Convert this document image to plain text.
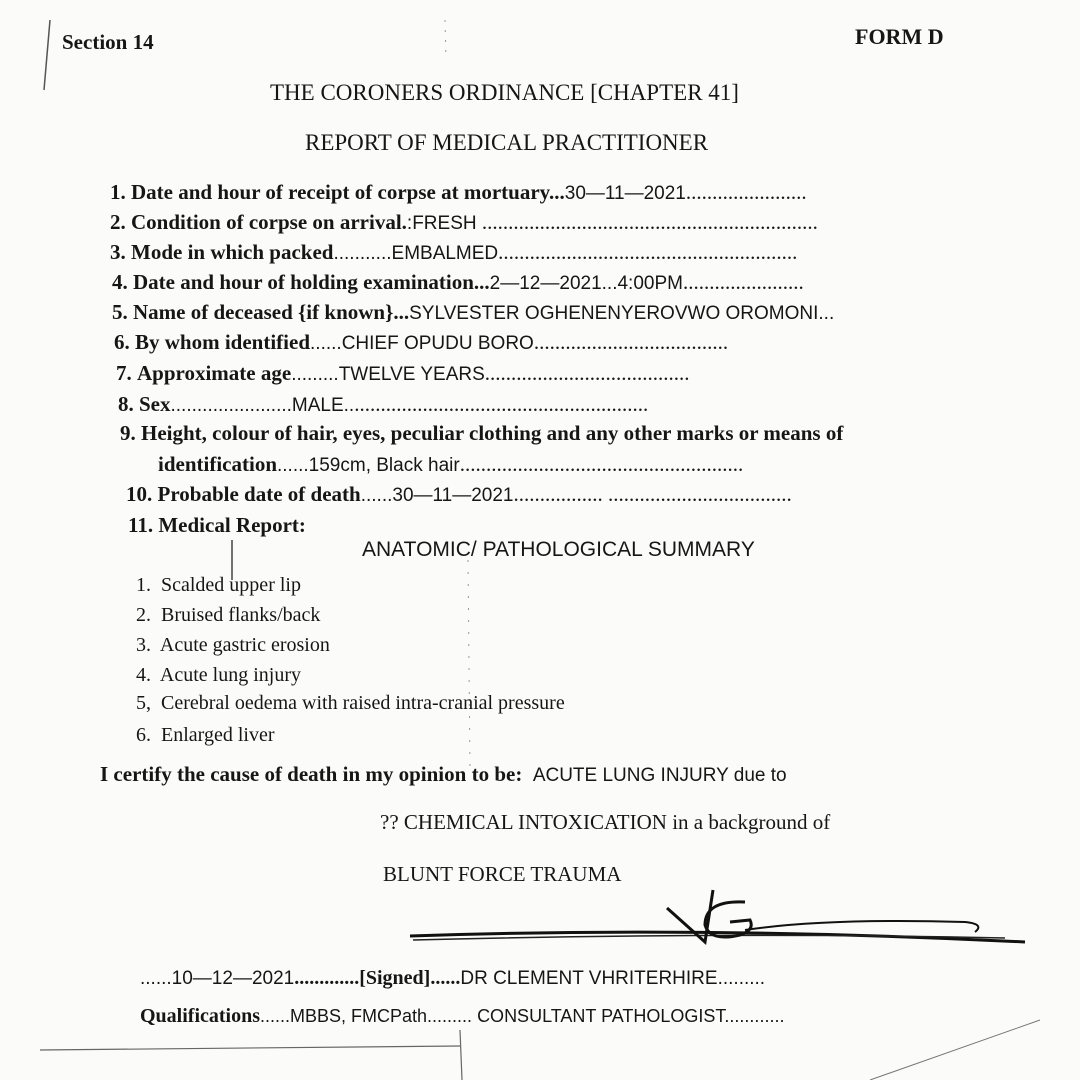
Section 14	FORM D
THE CORONERS ORDINANCE [CHAPTER 41]
REPORT OF MEDICAL PRACTITIONER
1. Date and hour of receipt of corpse at mortuary...30—11—2021.......................
2. Condition of corpse on arrival.:FRESH ................................................................
3. Mode in which packed...........EMBALMED.........................................................
4. Date and hour of holding examination...2—12—2021...4:00PM.......................
5. Name of deceased {if known}...SYLVESTER OGHENENYEROVWO OROMONI...
6. By whom identified......CHIEF OPUDU BORO.....................................
7. Approximate age.........TWELVE YEARS.......................................
8. Sex.......................MALE..........................................................
9. Height, colour of hair, eyes, peculiar clothing and any other marks or means of
identification......159cm, Black hair......................................................
10. Probable date of death......30—11—2021................. ...................................
11. Medical Report:
ANATOMIC/ PATHOLOGICAL SUMMARY
1. Scalded upper lip
2. Bruised flanks/back
3. Acute gastric erosion
4. Acute lung injury
5, Cerebral oedema with raised intra-cranial pressure
6. Enlarged liver
I certify the cause of death in my opinion to be: ACUTE LUNG INJURY due to
?? CHEMICAL INTOXICATION in a background of
BLUNT FORCE TRAUMA
......10—12—2021.............[Signed]......DR CLEMENT VHRITERHIRE.........
Qualifications......MBBS, FMCPath......... CONSULTANT PATHOLOGIST............
